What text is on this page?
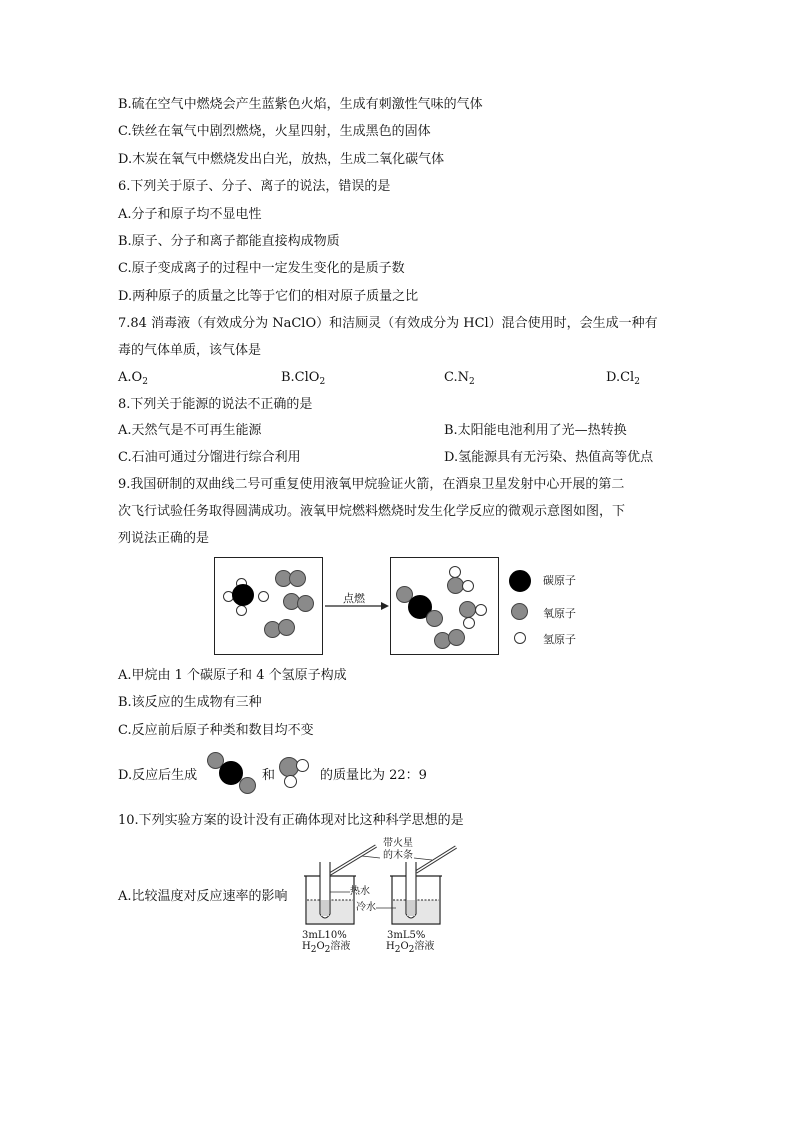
B.硫在空气中燃烧会产生蓝紫色火焰，生成有刺激性气味的气体
C.铁丝在氧气中剧烈燃烧，火星四射，生成黑色的固体
D.木炭在氧气中燃烧发出白光，放热，生成二氧化碳气体
6.下列关于原子、分子、离子的说法，错误的是
A.分子和原子均不显电性
B.原子、分子和离子都能直接构成物质
C.原子变成离子的过程中一定发生变化的是质子数
D.两种原子的质量之比等于它们的相对原子质量之比
7.84 消毒液（有效成分为 NaClO）和洁厕灵（有效成分为 HCl）混合使用时，会生成一种有
毒的气体单质，该气体是
$A.O_2$	B.ClO$_2$	$C.N_2$	$D.Cl_2$
8.下列关于能源的说法不正确的是
A.天然气是不可再生能源	B.太阳能电池利用了光—热转换
C.石油可通过分馏进行综合利用	D.氢能源具有无污染、热值高等优点
9.我国研制的双曲线二号可重复使用液氧甲烷验证火箭，在酒泉卫星发射中心开展的第二
次飞行试验任务取得圆满成功。液氧甲烷燃料燃烧时发生化学反应的微观示意图如图，下
列说法正确的是
点燃
碳原子
氧原子
氢原子
A.甲烷由 1 个碳原子和 4 个氢原子构成
B.该反应的生成物有三种
C.反应前后原子种类和数目均不变
D.反应后生成	和	的质量比为 22：9
10.下列实验方案的设计没有正确体现对比这种科学思想的是
A.比较温度对反应速率的影响
带火星
的木条
热水
冷水
3mL10%
$H_2O_2$溶液
3mL5%
$H_2O_2$溶液
